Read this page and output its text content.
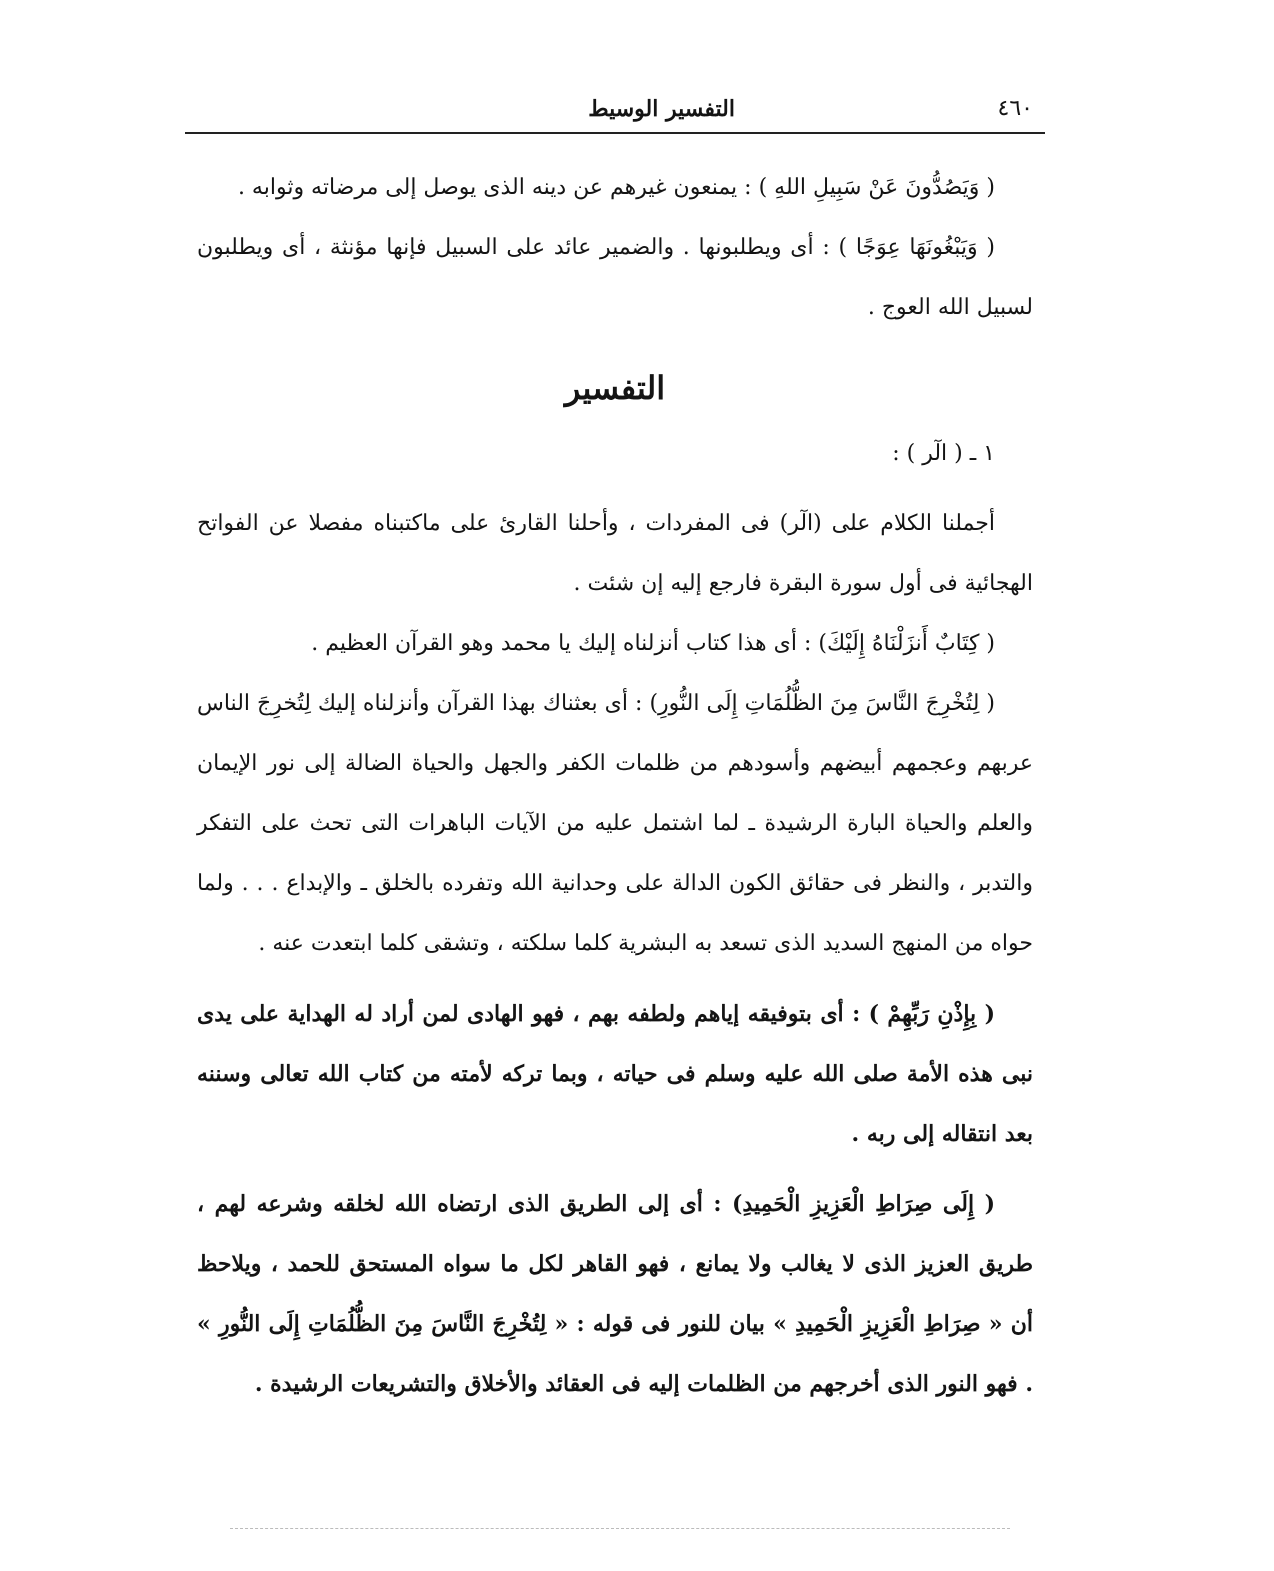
٤٦٠
التفسير الوسيط

( وَيَصُدُّونَ عَنْ سَبِيلِ اللهِ ) : يمنعون غيرهم عن دينه الذى يوصل إلى مرضاته وثوابه .

( وَيَبْغُونَهَا عِوَجًا ) : أى ويطلبونها . والضمير عائد على السبيل فإنها مؤنثة ، أى ويطلبون لسبيل الله العوج .

التفسير

١ ـ ( الٓر ) :

أجملنا الكلام على (الٓر) فى المفردات ، وأحلنا القارئ على ماكتبناه مفصلا عن الفواتح الهجائية فى أول سورة البقرة فارجع إليه إن شئت .

( كِتَابٌ أَنزَلْنَاهُ إِلَيْكَ) : أى هذا كتاب أنزلناه إليك يا محمد وهو القرآن العظيم .

( لِتُخْرِجَ النَّاسَ مِنَ الظُّلُمَاتِ إِلَى النُّورِ) : أى بعثناك بهذا القرآن وأنزلناه إليك لِتُخرِجَ الناس عربهم وعجمهم أبيضهم وأسودهم من ظلمات الكفر والجهل والحياة الضالة إلى نور الإيمان والعلم والحياة البارة الرشيدة ـ لما اشتمل عليه من الآيات الباهرات التى تحث على التفكر والتدبر ، والنظر فى حقائق الكون الدالة على وحدانية الله وتفرده بالخلق ـ والإبداع . . . ولما حواه من المنهج السديد الذى تسعد به البشرية كلما سلكته ، وتشقى كلما ابتعدت عنه .

( بِإِذْنِ رَبِّهِمْ ) : أى بتوفيقه إياهم ولطفه بهم ، فهو الهادى لمن أراد له الهداية على يدى نبى هذه الأمة صلى الله عليه وسلم فى حياته ، وبما تركه لأمته من كتاب الله تعالى وسننه بعد انتقاله إلى ربه .

( إِلَى صِرَاطِ الْعَزِيزِ الْحَمِيدِ) : أى إلى الطريق الذى ارتضاه الله لخلقه وشرعه لهم ، طريق العزيز الذى لا يغالب ولا يمانع ، فهو القاهر لكل ما سواه المستحق للحمد ، ويلاحظ أن « صِرَاطِ الْعَزِيزِ الْحَمِيدِ » بيان للنور فى قوله : « لِتُخْرِجَ النَّاسَ مِنَ الظُّلُمَاتِ إِلَى النُّورِ » . فهو النور الذى أخرجهم من الظلمات إليه فى العقائد والأخلاق والتشريعات الرشيدة .
